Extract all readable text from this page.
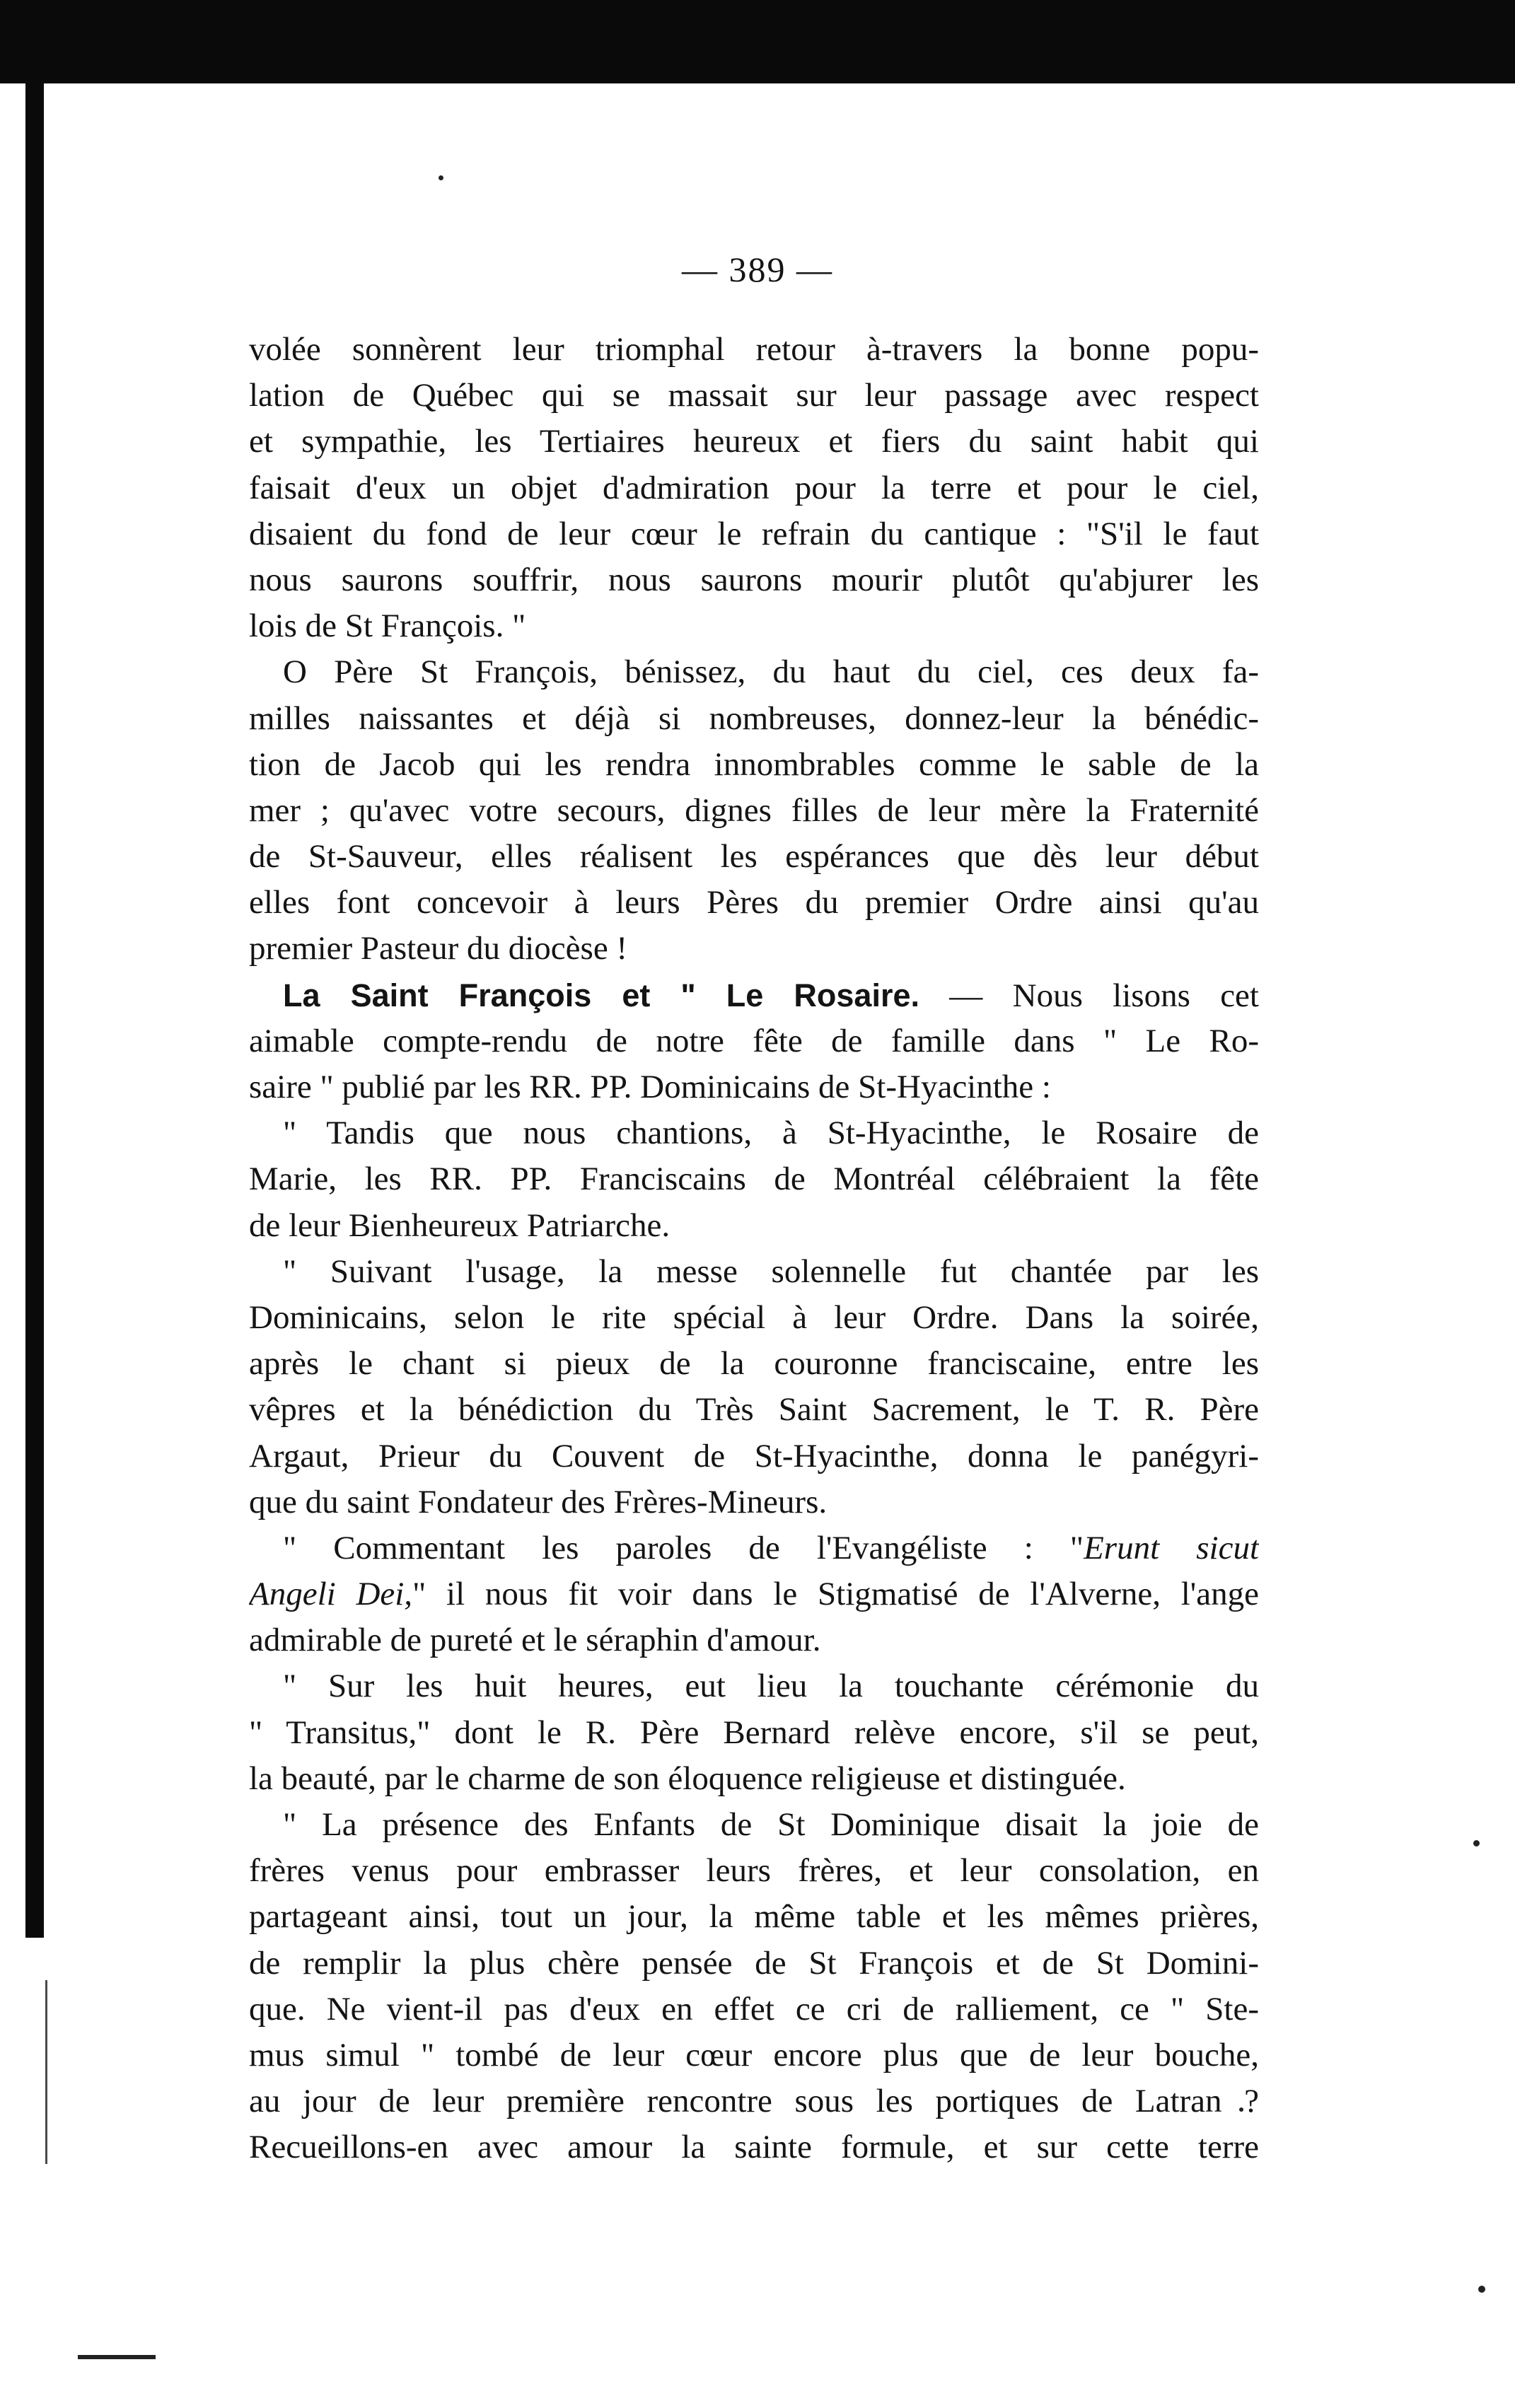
— 389 —
volée sonnèrent leur triomphal retour à-travers la bonne popu-
lation de Québec qui se massait sur leur passage avec respect
et sympathie, les Tertiaires heureux et fiers du saint habit qui
faisait d'eux un objet d'admiration pour la terre et pour le ciel,
disaient du fond de leur cœur le refrain du cantique : "S'il le faut
nous saurons souffrir, nous saurons mourir plutôt qu'abjurer les
lois de St François. "
O Père St François, bénissez, du haut du ciel, ces deux fa-
milles naissantes et déjà si nombreuses, donnez-leur la bénédic-
tion de Jacob qui les rendra innombrables comme le sable de la
mer ; qu'avec votre secours, dignes filles de leur mère la Fraternité
de St-Sauveur, elles réalisent les espérances que dès leur début
elles font concevoir à leurs Pères du premier Ordre ainsi qu'au
premier Pasteur du diocèse !
La Saint François et " Le Rosaire. — Nous lisons cet
aimable compte-rendu de notre fête de famille dans " Le Ro-
saire " publié par les RR. PP. Dominicains de St-Hyacinthe :
" Tandis que nous chantions, à St-Hyacinthe, le Rosaire de
Marie, les RR. PP. Franciscains de Montréal célébraient la fête
de leur Bienheureux Patriarche.
" Suivant l'usage, la messe solennelle fut chantée par les
Dominicains, selon le rite spécial à leur Ordre. Dans la soirée,
après le chant si pieux de la couronne franciscaine, entre les
vêpres et la bénédiction du Très Saint Sacrement, le T. R. Père
Argaut, Prieur du Couvent de St-Hyacinthe, donna le panégyri-
que du saint Fondateur des Frères-Mineurs.
" Commentant les paroles de l'Evangéliste : "Erunt sicut
Angeli Dei," il nous fit voir dans le Stigmatisé de l'Alverne, l'ange
admirable de pureté et le séraphin d'amour.
" Sur les huit heures, eut lieu la touchante cérémonie du
" Transitus," dont le R. Père Bernard relève encore, s'il se peut,
la beauté, par le charme de son éloquence religieuse et distinguée.
" La présence des Enfants de St Dominique disait la joie de
frères venus pour embrasser leurs frères, et leur consolation, en
partageant ainsi, tout un jour, la même table et les mêmes prières,
de remplir la plus chère pensée de St François et de St Domini-
que. Ne vient-il pas d'eux en effet ce cri de ralliement, ce " Ste-
mus simul " tombé de leur cœur encore plus que de leur bouche,
au jour de leur première rencontre sous les portiques de Latran ?
Recueillons-en avec amour la sainte formule, et sur cette terre
